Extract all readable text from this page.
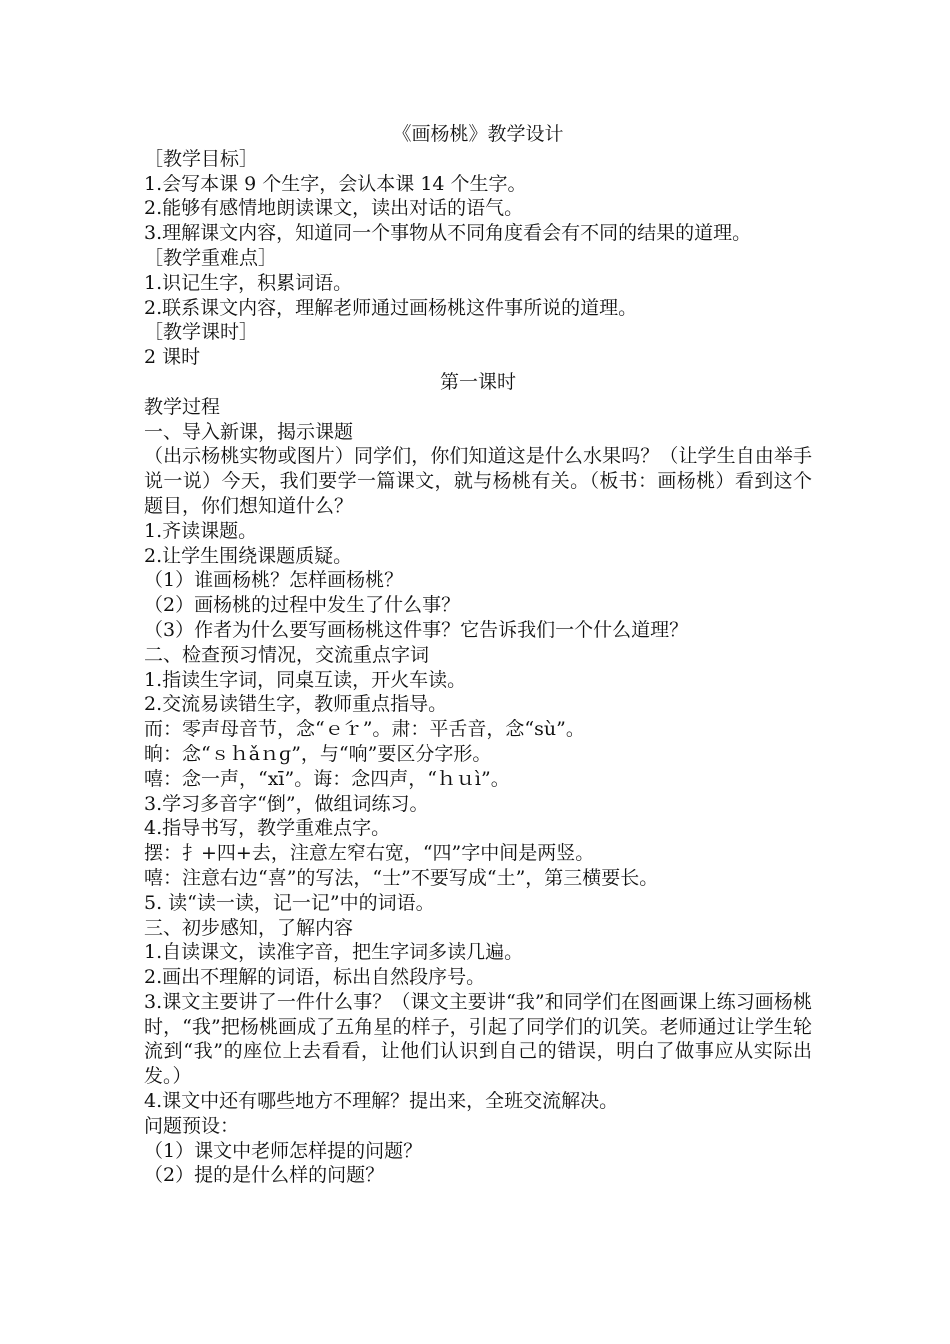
《画杨桃》教学设计
［教学目标］
1.会写本课 9 个生字，会认本课 14 个生字。
2.能够有感情地朗读课文，读出对话的语气。
3.理解课文内容，知道同一个事物从不同角度看会有不同的结果的道理。
［教学重难点］
1.识记生字，积累词语。
2.联系课文内容，理解老师通过画杨桃这件事所说的道理。
［教学课时］
2 课时
第一课时
教学过程
一、导入新课，揭示课题
（出示杨桃实物或图片）同学们，你们知道这是什么水果吗？（让学生自由举手说一说）今天，我们要学一篇课文，就与杨桃有关。（板书：画杨桃）看到这个题目，你们想知道什么？
1.齐读课题。
2.让学生围绕课题质疑。
（1）谁画杨桃？怎样画杨桃？
（2）画杨桃的过程中发生了什么事？
（3）作者为什么要写画杨桃这件事？它告诉我们一个什么道理？
二、检查预习情况，交流重点字词
1.指读生字词，同桌互读，开火车读。
2.交流易读错生字，教师重点指导。
而：零声母音节，念“ｅ́ｒ”。肃：平舌音，念“sù”。
晌：念“ｓｈǎｎɡ”，与“响”要区分字形。
嘻：念一声，“xī”。诲：念四声，“ｈｕì”。
3.学习多音字“倒”，做组词练习。
4.指导书写，教学重难点字。
摆：扌+四+去，注意左窄右宽，“四”字中间是两竖。
嘻：注意右边“喜”的写法，“士”不要写成“土”，第三横要长。
5. 读“读一读，记一记”中的词语。
三、初步感知，了解内容
1.自读课文，读准字音，把生字词多读几遍。
2.画出不理解的词语，标出自然段序号。
3.课文主要讲了一件什么事？（课文主要讲“我”和同学们在图画课上练习画杨桃时，“我”把杨桃画成了五角星的样子，引起了同学们的讥笑。老师通过让学生轮流到“我”的座位上去看看，让他们认识到自己的错误，明白了做事应从实际出发。）
4.课文中还有哪些地方不理解？提出来，全班交流解决。
问题预设：
（1）课文中老师怎样提的问题？
（2）提的是什么样的问题？
